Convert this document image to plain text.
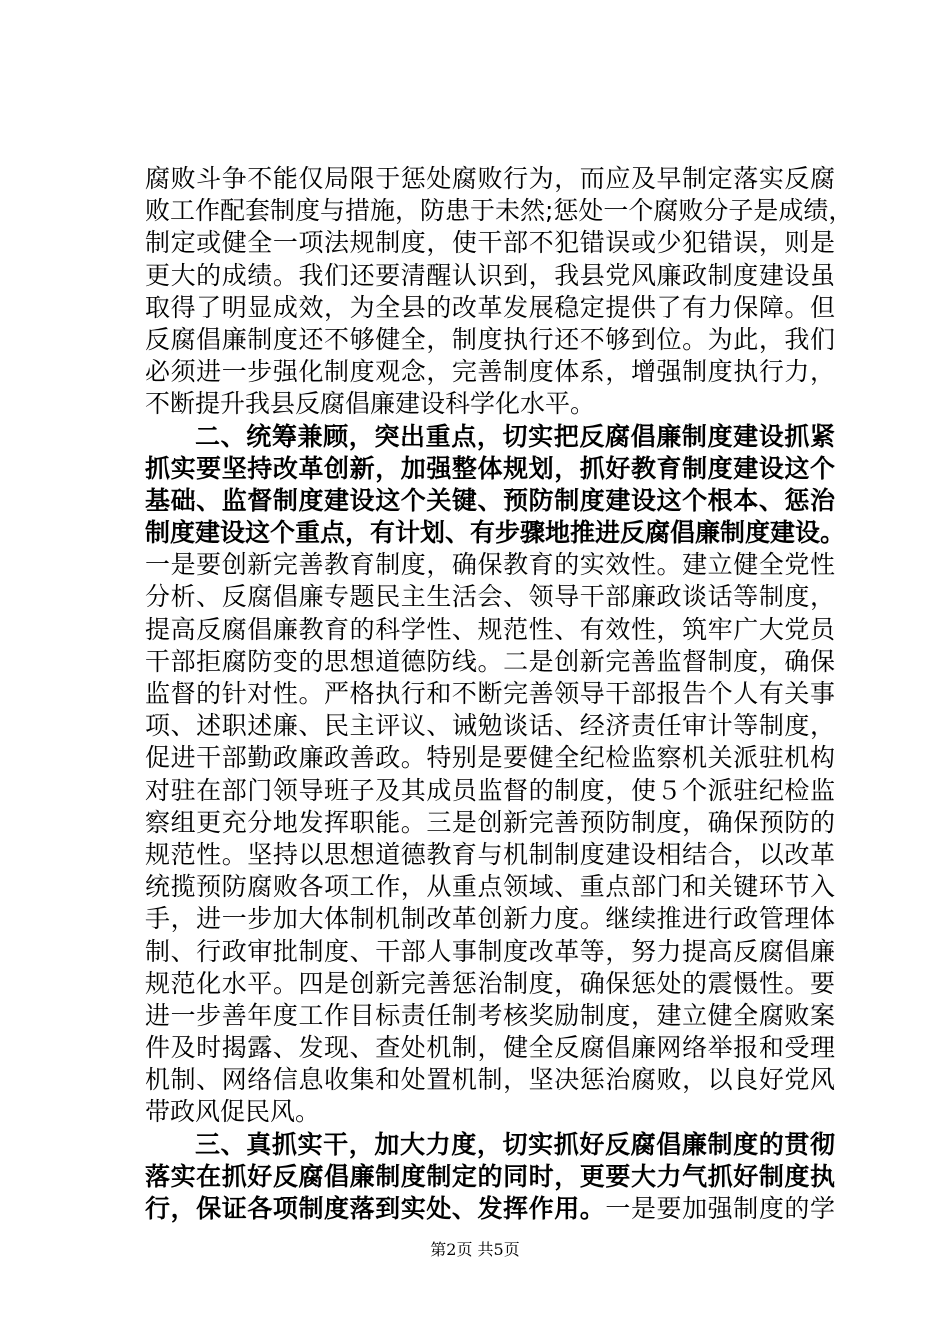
腐败斗争不能仅局限于惩处腐败行为，而应及早制定落实反腐
败工作配套制度与措施，防患于未然;惩处一个腐败分子是成绩，
制定或健全一项法规制度，使干部不犯错误或少犯错误，则是
更大的成绩。我们还要清醒认识到，我县党风廉政制度建设虽
取得了明显成效，为全县的改革发展稳定提供了有力保障。但
反腐倡廉制度还不够健全，制度执行还不够到位。为此，我们
必须进一步强化制度观念，完善制度体系，增强制度执行力，
不断提升我县反腐倡廉建设科学化水平。
二、统筹兼顾，突出重点，切实把反腐倡廉制度建设抓紧
抓实要坚持改革创新，加强整体规划，抓好教育制度建设这个
基础、监督制度建设这个关键、预防制度建设这个根本、惩治
制度建设这个重点，有计划、有步骤地推进反腐倡廉制度建设。
一是要创新完善教育制度，确保教育的实效性。建立健全党性
分析、反腐倡廉专题民主生活会、领导干部廉政谈话等制度，
提高反腐倡廉教育的科学性、规范性、有效性，筑牢广大党员
干部拒腐防变的思想道德防线。二是创新完善监督制度，确保
监督的针对性。严格执行和不断完善领导干部报告个人有关事
项、述职述廉、民主评议、诫勉谈话、经济责任审计等制度，
促进干部勤政廉政善政。特别是要健全纪检监察机关派驻机构
对驻在部门领导班子及其成员监督的制度，使５个派驻纪检监
察组更充分地发挥职能。三是创新完善预防制度，确保预防的
规范性。坚持以思想道德教育与机制制度建设相结合，以改革
统揽预防腐败各项工作，从重点领域、重点部门和关键环节入
手，进一步加大体制机制改革创新力度。继续推进行政管理体
制、行政审批制度、干部人事制度改革等，努力提高反腐倡廉
规范化水平。四是创新完善惩治制度，确保惩处的震慑性。要
进一步善年度工作目标责任制考核奖励制度，建立健全腐败案
件及时揭露、发现、查处机制，健全反腐倡廉网络举报和受理
机制、网络信息收集和处置机制，坚决惩治腐败，以良好党风
带政风促民风。
三、真抓实干，加大力度，切实抓好反腐倡廉制度的贯彻
落实在抓好反腐倡廉制度制定的同时，更要大力气抓好制度执
行，保证各项制度落到实处、发挥作用。一是要加强制度的学
第2页 共5页
